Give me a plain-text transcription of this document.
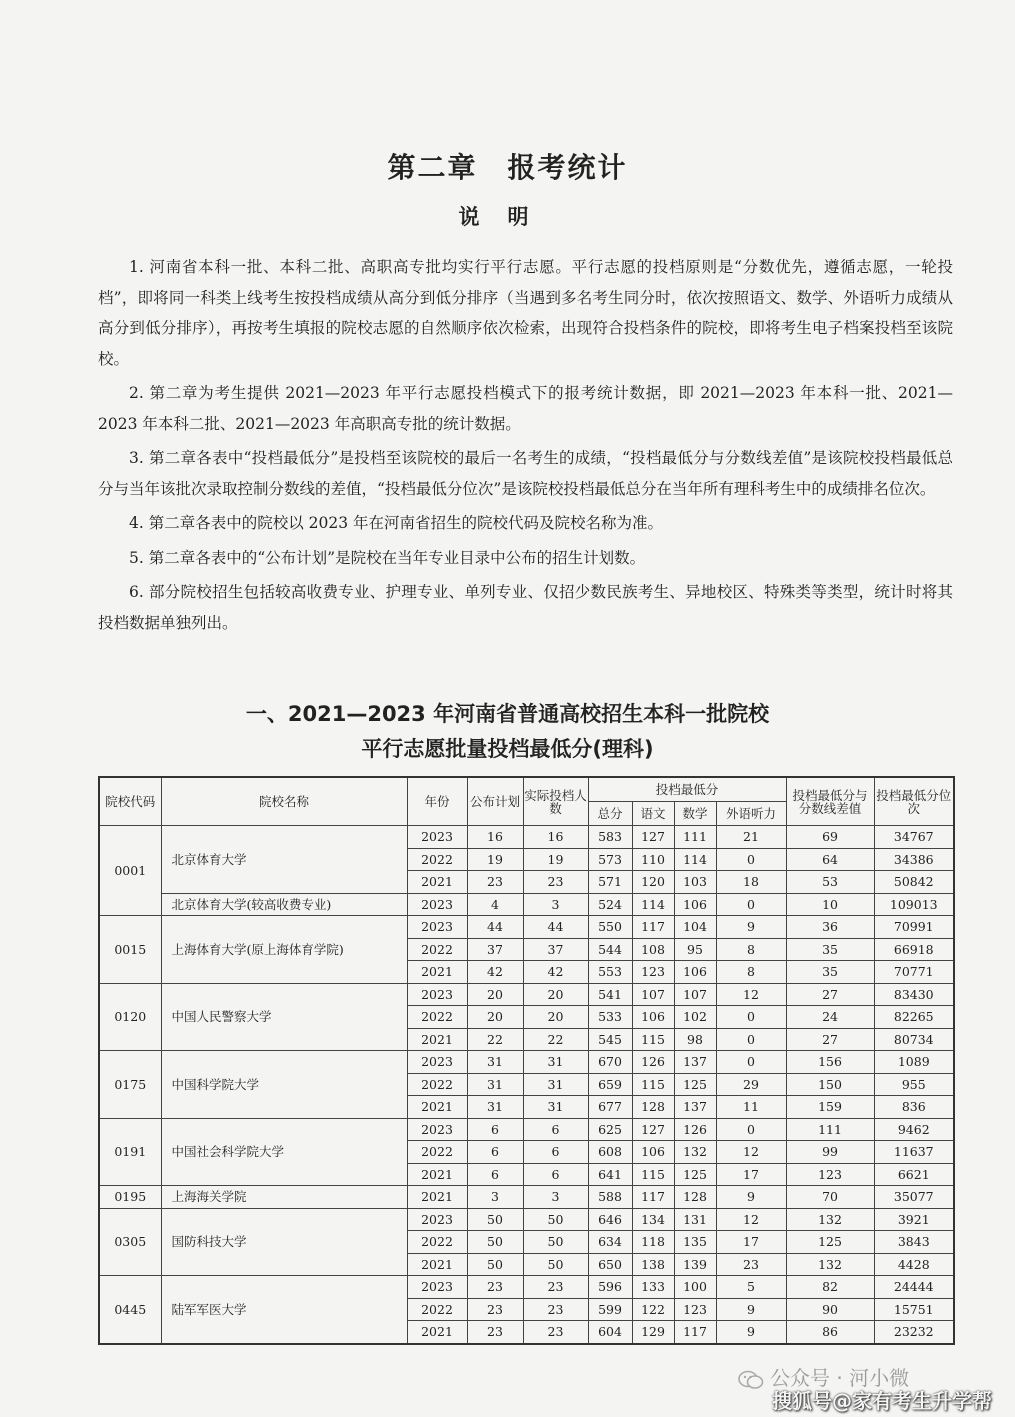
第二章 报考统计
说明

1. 河南省本科一批、本科二批、高职高专批均实行平行志愿。平行志愿的投档原则是“分数优先，遵循志愿，一轮投档”，即将同一科类上线考生按投档成绩从高分到低分排序（当遇到多名考生同分时，依次按照语文、数学、外语听力成绩从高分到低分排序），再按考生填报的院校志愿的自然顺序依次检索，出现符合投档条件的院校，即将考生电子档案投档至该院校。

2. 第二章为考生提供 2021—2023 年平行志愿投档模式下的报考统计数据，即 2021—2023 年本科一批、2021—2023 年本科二批、2021—2023 年高职高专批的统计数据。

3. 第二章各表中“投档最低分”是投档至该院校的最后一名考生的成绩，“投档最低分与分数线差值”是该院校投档最低总分与当年该批次录取控制分数线的差值，“投档最低分位次”是该院校投档最低总分在当年所有理科考生中的成绩排名位次。

4. 第二章各表中的院校以 2023 年在河南省招生的院校代码及院校名称为准。

5. 第二章各表中的“公布计划”是院校在当年专业目录中公布的招生计划数。

6. 部分院校招生包括较高收费专业、护理专业、单列专业、仅招少数民族考生、异地校区、特殊类等类型，统计时将其投档数据单独列出。

一、2021—2023 年河南省普通高校招生本科一批院校
平行志愿批量投档最低分(理科)
院校代码	院校名称	年份	公布计划	实际投档人数	投档最低分				投档最低分与分数线差值	投档最低分位次
					总分	语文	数学	外语听力		
0001	北京体育大学	2023	16	16	583	127	111	21	69	34767
		2022	19	19	573	110	114	0	64	34386
		2021	23	23	571	120	103	18	53	50842
	北京体育大学(较高收费专业)	2023	4	3	524	114	106	0	10	109013
0015	上海体育大学(原上海体育学院)	2023	44	44	550	117	104	9	36	70991
		2022	37	37	544	108	95	8	35	66918
		2021	42	42	553	123	106	8	35	70771
0120	中国人民警察大学	2023	20	20	541	107	107	12	27	83430
		2022	20	20	533	106	102	0	24	82265
		2021	22	22	545	115	98	0	27	80734
0175	中国科学院大学	2023	31	31	670	126	137	0	156	1089
		2022	31	31	659	115	125	29	150	955
		2021	31	31	677	128	137	11	159	836
0191	中国社会科学院大学	2023	6	6	625	127	126	0	111	9462
		2022	6	6	608	106	132	12	99	11637
		2021	6	6	641	115	125	17	123	6621
0195	上海海关学院	2021	3	3	588	117	128	9	70	35077
0305	国防科技大学	2023	50	50	646	134	131	12	132	3921
		2022	50	50	634	118	135	17	125	3843
		2021	50	50	650	138	139	23	132	4428
0445	陆军军医大学	2023	23	23	596	133	100	5	82	24444
		2022	23	23	599	122	123	9	90	15751
		2021	23	23	604	129	117	9	86	23232
公众号 · 河小微
搜狐号@家有考生升学帮
